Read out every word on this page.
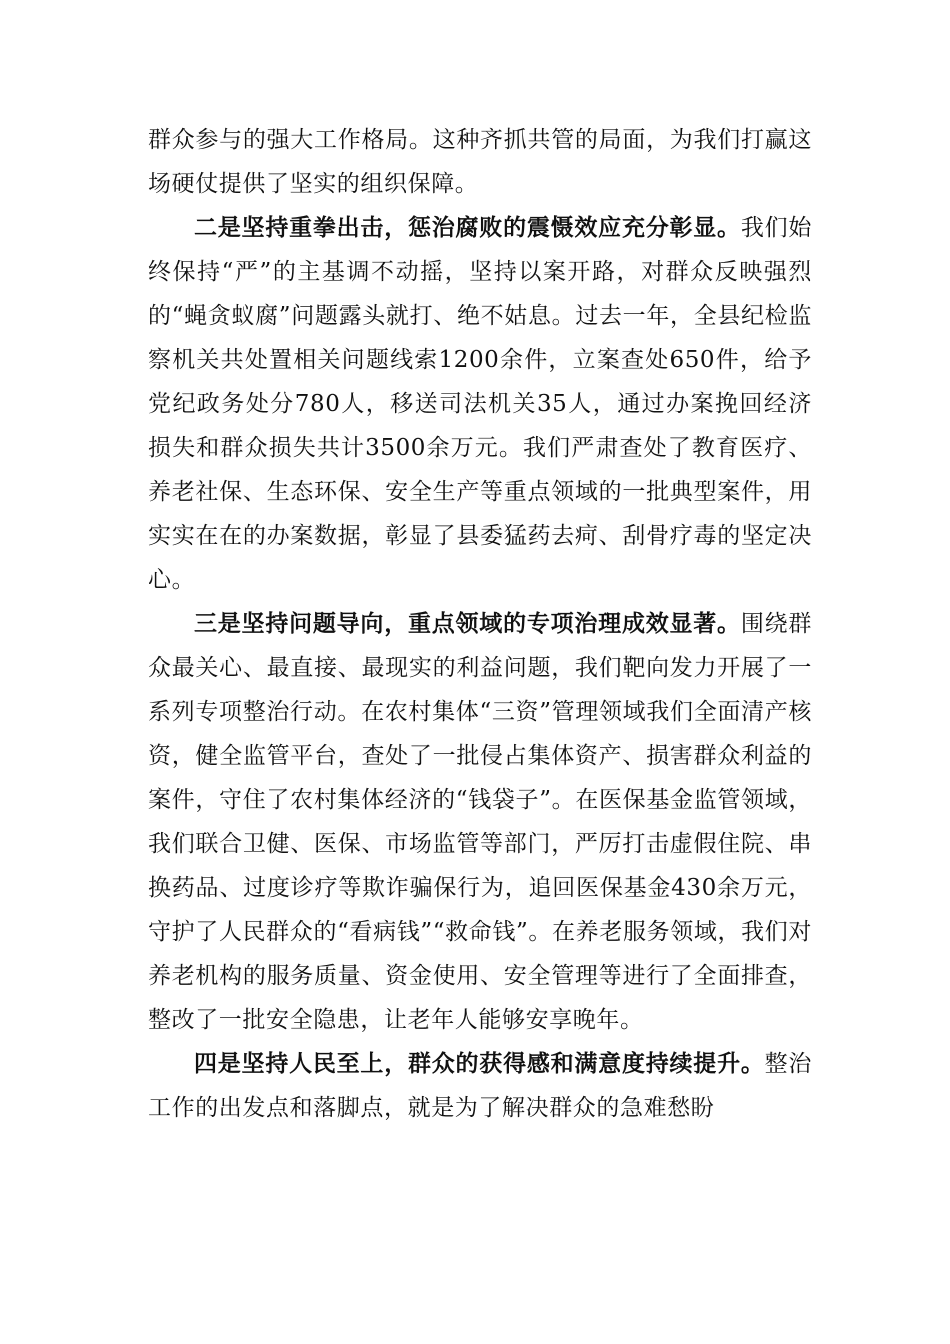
群众参与的强大工作格局。这种齐抓共管的局面，为我们打赢这场硬仗提供了坚实的组织保障。

二是坚持重拳出击，惩治腐败的震慑效应充分彰显。我们始终保持“严”的主基调不动摇，坚持以案开路，对群众反映强烈的“蝇贪蚁腐”问题露头就打、绝不姑息。过去一年，全县纪检监察机关共处置相关问题线索1200余件，立案查处650件，给予党纪政务处分780人，移送司法机关35人，通过办案挽回经济损失和群众损失共计3500余万元。我们严肃查处了教育医疗、养老社保、生态环保、安全生产等重点领域的一批典型案件，用实实在在的办案数据，彰显了县委猛药去疴、刮骨疗毒的坚定决心。

三是坚持问题导向，重点领域的专项治理成效显著。围绕群众最关心、最直接、最现实的利益问题，我们靶向发力开展了一系列专项整治行动。在农村集体“三资”管理领域我们全面清产核资，健全监管平台，查处了一批侵占集体资产、损害群众利益的案件，守住了农村集体经济的“钱袋子”。在医保基金监管领域，我们联合卫健、医保、市场监管等部门，严厉打击虚假住院、串换药品、过度诊疗等欺诈骗保行为，追回医保基金430余万元，守护了人民群众的“看病钱”“救命钱”。在养老服务领域，我们对养老机构的服务质量、资金使用、安全管理等进行了全面排查，整改了一批安全隐患，让老年人能够安享晚年。

四是坚持人民至上，群众的获得感和满意度持续提升。整治工作的出发点和落脚点，就是为了解决群众的急难愁盼
